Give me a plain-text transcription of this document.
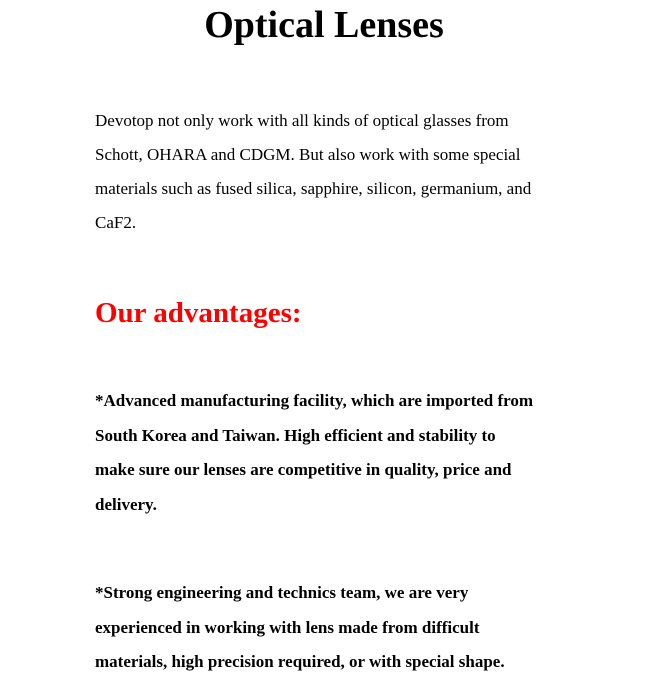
Optical Lenses

Devotop not only work with all kinds of optical glasses from
Schott, OHARA and CDGM. But also work with some special
materials such as fused silica, sapphire, silicon, germanium, and
CaF2.

Our advantages:

*Advanced manufacturing facility, which are imported from
South Korea and Taiwan. High efficient and stability to
make sure our lenses are competitive in quality, price and
delivery.

*Strong engineering and technics team, we are very
experienced in working with lens made from difficult
materials, high precision required, or with special shape.
